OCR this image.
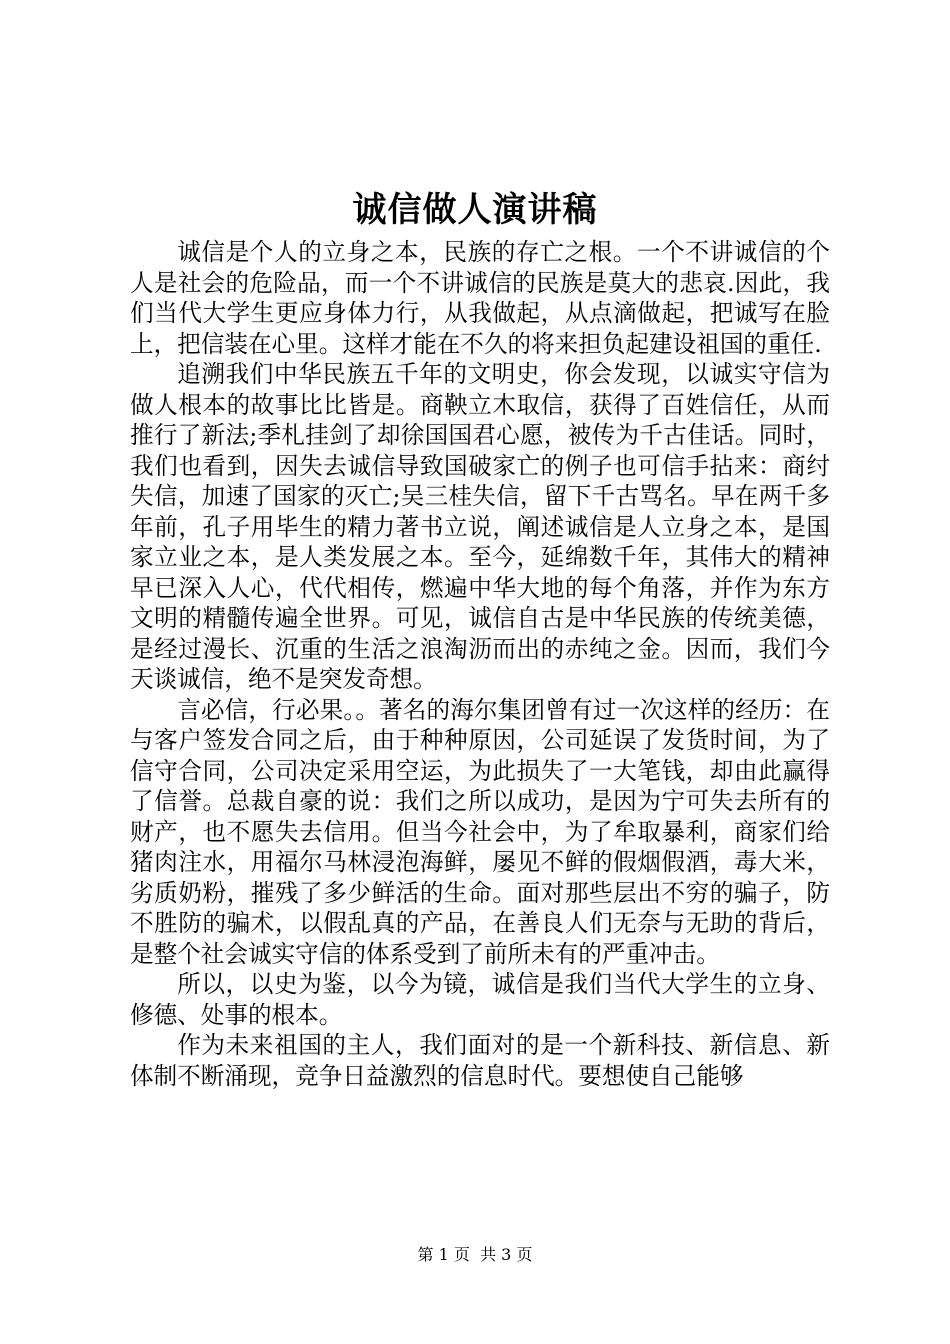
诚信做人演讲稿

诚信是个人的立身之本，民族的存亡之根。一个不讲诚信的个人是社会的危险品，而一个不讲诚信的民族是莫大的悲哀.因此，我们当代大学生更应身体力行，从我做起，从点滴做起，把诚写在脸上，把信装在心里。这样才能在不久的将来担负起建设祖国的重任.

追溯我们中华民族五千年的文明史，你会发现，以诚实守信为做人根本的故事比比皆是。商鞅立木取信，获得了百姓信任，从而推行了新法;季札挂剑了却徐国国君心愿，被传为千古佳话。同时，我们也看到，因失去诚信导致国破家亡的例子也可信手拈来：商纣失信，加速了国家的灭亡;吴三桂失信，留下千古骂名。早在两千多年前，孔子用毕生的精力著书立说，阐述诚信是人立身之本，是国家立业之本，是人类发展之本。至今，延绵数千年，其伟大的精神早已深入人心，代代相传，燃遍中华大地的每个角落，并作为东方文明的精髓传遍全世界。可见，诚信自古是中华民族的传统美德，是经过漫长、沉重的生活之浪淘沥而出的赤纯之金。因而，我们今天谈诚信，绝不是突发奇想。

言必信，行必果。。著名的海尔集团曾有过一次这样的经历：在与客户签发合同之后，由于种种原因，公司延误了发货时间，为了信守合同，公司决定采用空运，为此损失了一大笔钱，却由此赢得了信誉。总裁自豪的说：我们之所以成功，是因为宁可失去所有的财产，也不愿失去信用。但当今社会中，为了牟取暴利，商家们给猪肉注水，用福尔马林浸泡海鲜，屡见不鲜的假烟假酒，毒大米，劣质奶粉，摧残了多少鲜活的生命。面对那些层出不穷的骗子，防不胜防的骗术，以假乱真的产品，在善良人们无奈与无助的背后，是整个社会诚实守信的体系受到了前所未有的严重冲击。

所以，以史为鉴，以今为镜，诚信是我们当代大学生的立身、修德、处事的根本。

作为未来祖国的主人，我们面对的是一个新科技、新信息、新体制不断涌现，竞争日益激烈的信息时代。要想使自己能够

第 1 页  共 3 页
